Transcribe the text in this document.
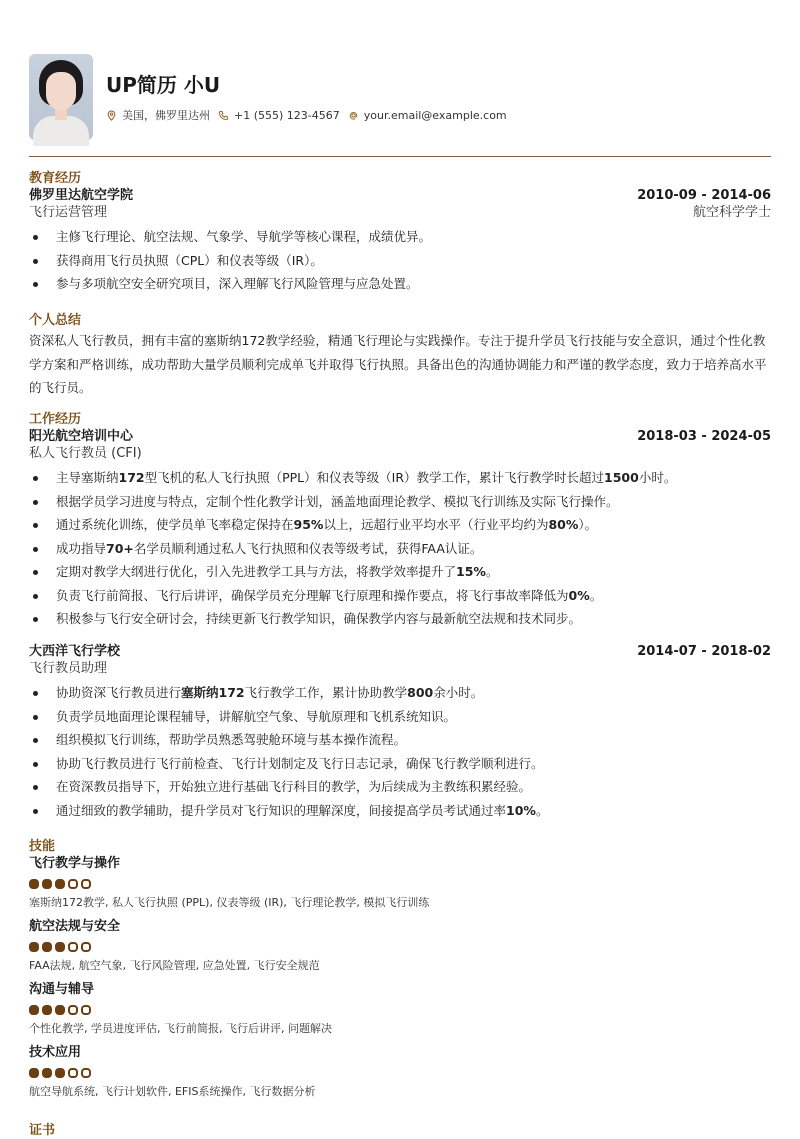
UP简历 小U
美国，佛罗里达州 +1 (555) 123-4567 your.email@example.com
教育经历
佛罗里达航空学院	2010-09 - 2014-06
飞行运营管理	航空科学学士
主修飞行理论、航空法规、气象学、导航学等核心课程，成绩优异。
获得商用飞行员执照（CPL）和仪表等级（IR）。
参与多项航空安全研究项目，深入理解飞行风险管理与应急处置。
个人总结
资深私人飞行教员，拥有丰富的塞斯纳172教学经验，精通飞行理论与实践操作。专注于提升学员飞行技能与安全意识，通过个性化教学方案和严格训练，成功帮助大量学员顺利完成单飞并取得飞行执照。具备出色的沟通协调能力和严谨的教学态度，致力于培养高水平的飞行员。
工作经历
阳光航空培训中心	2018-03 - 2024-05
私人飞行教员 (CFI)
主导塞斯纳172型飞机的私人飞行执照（PPL）和仪表等级（IR）教学工作，累计飞行教学时长超过1500小时。
根据学员学习进度与特点，定制个性化教学计划，涵盖地面理论教学、模拟飞行训练及实际飞行操作。
通过系统化训练，使学员单飞率稳定保持在95%以上，远超行业平均水平（行业平均约为80%）。
成功指导70+名学员顺利通过私人飞行执照和仪表等级考试，获得FAA认证。
定期对教学大纲进行优化，引入先进教学工具与方法，将教学效率提升了15%。
负责飞行前简报、飞行后讲评，确保学员充分理解飞行原理和操作要点，将飞行事故率降低为0%。
积极参与飞行安全研讨会，持续更新飞行教学知识，确保教学内容与最新航空法规和技术同步。
大西洋飞行学校	2014-07 - 2018-02
飞行教员助理
协助资深飞行教员进行塞斯纳172飞行教学工作，累计协助教学800余小时。
负责学员地面理论课程辅导，讲解航空气象、导航原理和飞机系统知识。
组织模拟飞行训练，帮助学员熟悉驾驶舱环境与基本操作流程。
协助飞行教员进行飞行前检查、飞行计划制定及飞行日志记录，确保飞行教学顺利进行。
在资深教员指导下，开始独立进行基础飞行科目的教学，为后续成为主教练积累经验。
通过细致的教学辅助，提升学员对飞行知识的理解深度，间接提高学员考试通过率10%。
技能
飞行教学与操作
塞斯纳172教学, 私人飞行执照 (PPL), 仪表等级 (IR), 飞行理论教学, 模拟飞行训练
航空法规与安全
FAA法规, 航空气象, 飞行风险管理, 应急处置, 飞行安全规范
沟通与辅导
个性化教学, 学员进度评估, 飞行前简报, 飞行后讲评, 问题解决
技术应用
航空导航系统, 飞行计划软件, EFIS系统操作, 飞行数据分析
证书
